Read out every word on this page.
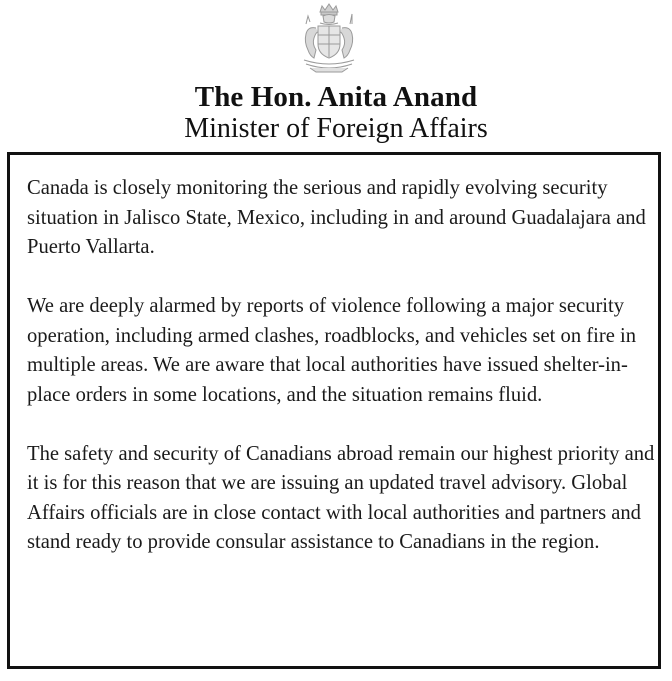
The Hon. Anita Anand
Minister of Foreign Affairs

Canada is closely monitoring the serious and rapidly evolving security situation in Jalisco State, Mexico, including in and around Guadalajara and Puerto Vallarta.

We are deeply alarmed by reports of violence following a major security operation, including armed clashes, roadblocks, and vehicles set on fire in multiple areas. We are aware that local authorities have issued shelter-in-place orders in some locations, and the situation remains fluid.

The safety and security of Canadians abroad remain our highest priority and it is for this reason that we are issuing an updated travel advisory. Global Affairs officials are in close contact with local authorities and partners and stand ready to provide consular assistance to Canadians in the region.
